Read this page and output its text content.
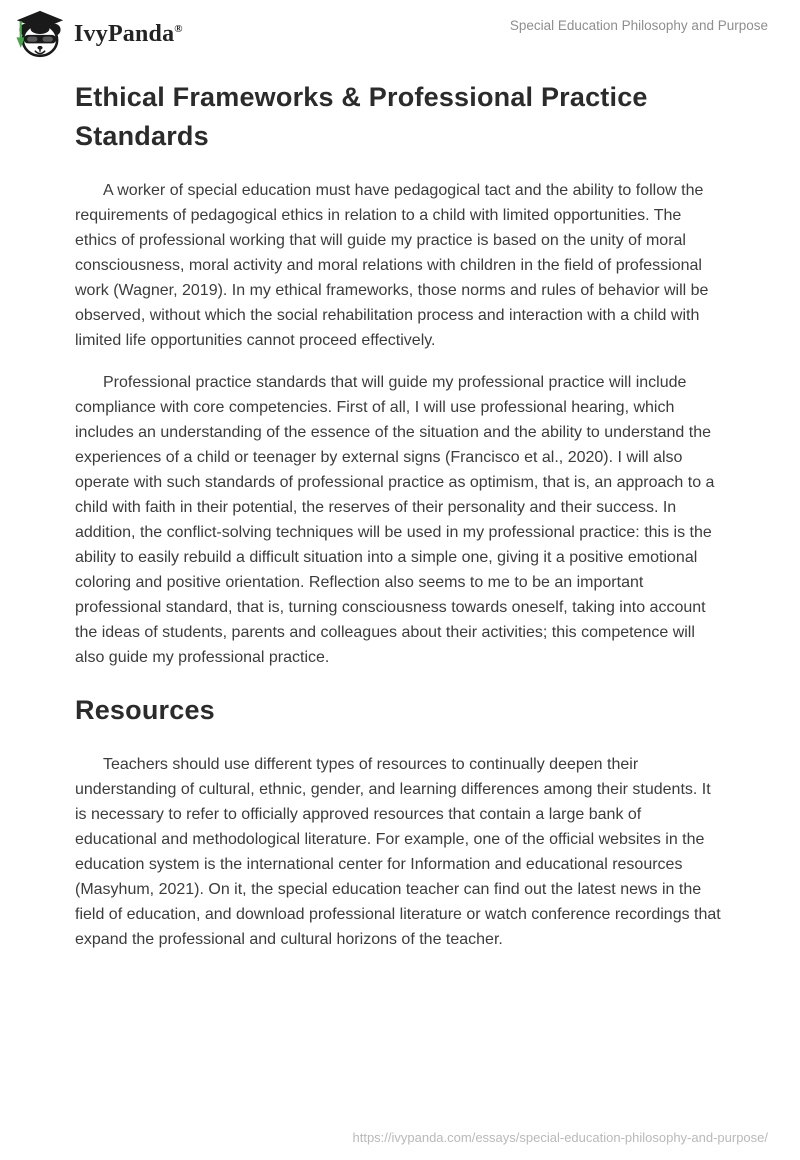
IvyPanda®	Special Education Philosophy and Purpose
Ethical Frameworks & Professional Practice Standards

A worker of special education must have pedagogical tact and the ability to follow the requirements of pedagogical ethics in relation to a child with limited opportunities. The ethics of professional working that will guide my practice is based on the unity of moral consciousness, moral activity and moral relations with children in the field of professional work (Wagner, 2019). In my ethical frameworks, those norms and rules of behavior will be observed, without which the social rehabilitation process and interaction with a child with limited life opportunities cannot proceed effectively.

Professional practice standards that will guide my professional practice will include compliance with core competencies. First of all, I will use professional hearing, which includes an understanding of the essence of the situation and the ability to understand the experiences of a child or teenager by external signs (Francisco et al., 2020). I will also operate with such standards of professional practice as optimism, that is, an approach to a child with faith in their potential, the reserves of their personality and their success. In addition, the conflict-solving techniques will be used in my professional practice: this is the ability to easily rebuild a difficult situation into a simple one, giving it a positive emotional coloring and positive orientation. Reflection also seems to me to be an important professional standard, that is, turning consciousness towards oneself, taking into account the ideas of students, parents and colleagues about their activities; this competence will also guide my professional practice.

Resources

Teachers should use different types of resources to continually deepen their understanding of cultural, ethnic, gender, and learning differences among their students. It is necessary to refer to officially approved resources that contain a large bank of educational and methodological literature. For example, one of the official websites in the education system is the international center for Information and educational resources (Masyhum, 2021). On it, the special education teacher can find out the latest news in the field of education, and download professional literature or watch conference recordings that expand the professional and cultural horizons of the teacher.

https://ivypanda.com/essays/special-education-philosophy-and-purpose/
